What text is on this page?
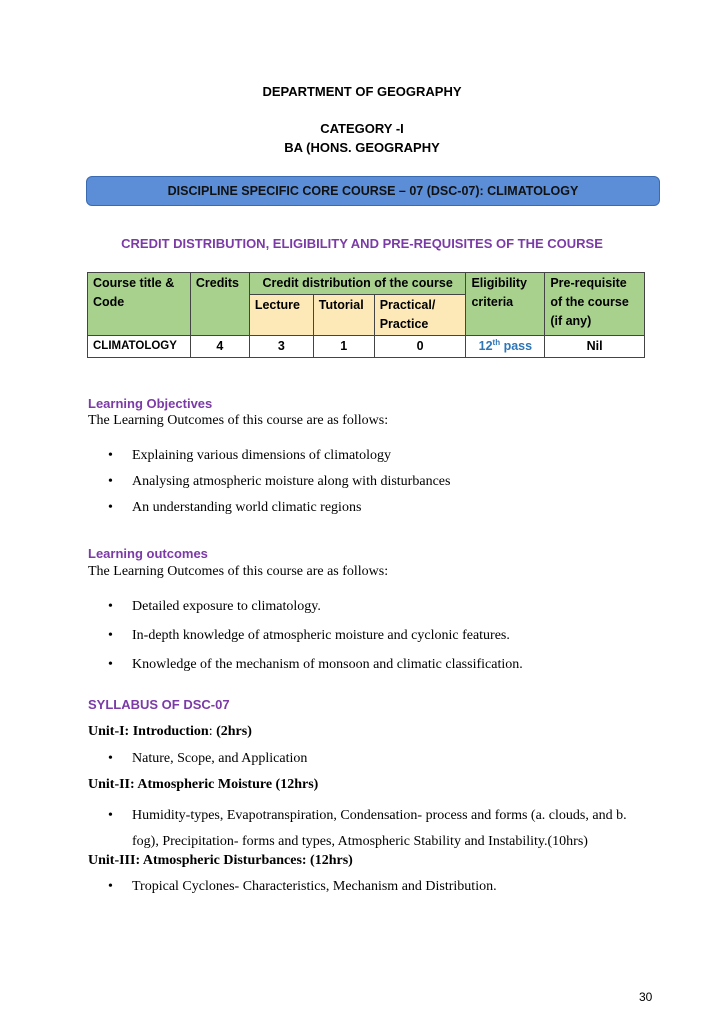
DEPARTMENT OF GEOGRAPHY
CATEGORY -I
BA (HONS. GEOGRAPHY
DISCIPLINE SPECIFIC CORE COURSE – 07 (DSC-07): CLIMATOLOGY
CREDIT DISTRIBUTION, ELIGIBILITY AND PRE-REQUISITES OF THE COURSE
Course title & Code	Credits	Credit distribution of the course			Eligibility criteria	Pre-requisite of the course (if any)
		Lecture	Tutorial	Practical/ Practice		
CLIMATOLOGY	4	3	1	0	12th pass	Nil
Learning Objectives
The Learning Outcomes of this course are as follows:
• Explaining various dimensions of climatology
• Analysing atmospheric moisture along with disturbances
• An understanding world climatic regions
Learning outcomes
The Learning Outcomes of this course are as follows:
• Detailed exposure to climatology.
• In-depth knowledge of atmospheric moisture and cyclonic features.
• Knowledge of the mechanism of monsoon and climatic classification.
SYLLABUS OF DSC-07
Unit-I: Introduction: (2hrs)
• Nature, Scope, and Application
Unit-II: Atmospheric Moisture (12hrs)
• Humidity-types, Evapotranspiration, Condensation- process and forms (a. clouds, and b. fog), Precipitation- forms and types, Atmospheric Stability and Instability.(10hrs)
Unit-III: Atmospheric Disturbances: (12hrs)
• Tropical Cyclones- Characteristics, Mechanism and Distribution.
30
